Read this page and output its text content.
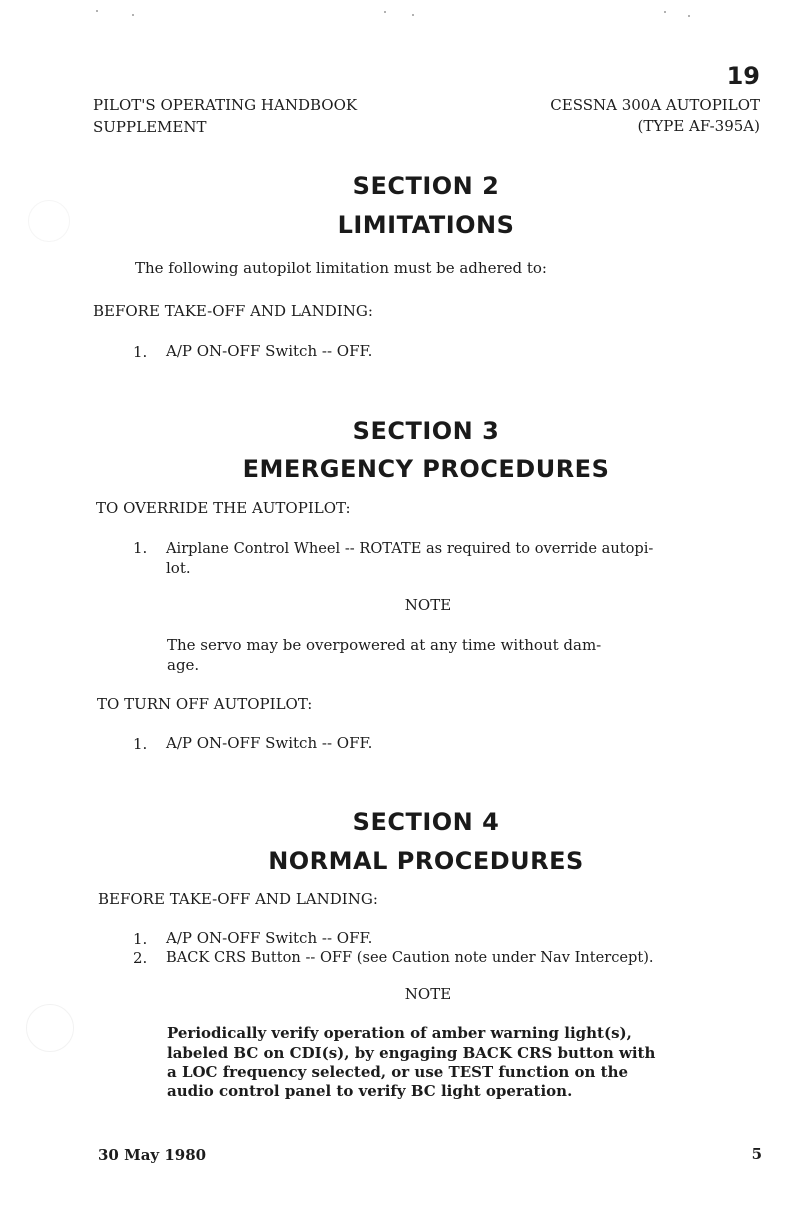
19
PILOT'S OPERATING HANDBOOK
SUPPLEMENT
CESSNA 300A AUTOPILOT
(TYPE AF-395A)
SECTION 2
LIMITATIONS
The following autopilot limitation must be adhered to:
BEFORE TAKE-OFF AND LANDING:
1. A/P ON-OFF Switch -- OFF.
SECTION 3
EMERGENCY PROCEDURES
TO OVERRIDE THE AUTOPILOT:
1. Airplane Control Wheel -- ROTATE as required to override autopi-
lot.
NOTE
The servo may be overpowered at any time without dam-
age.
TO TURN OFF AUTOPILOT:
1. A/P ON-OFF Switch -- OFF.
SECTION 4
NORMAL PROCEDURES
BEFORE TAKE-OFF AND LANDING:
1. A/P ON-OFF Switch -- OFF.
2. BACK CRS Button -- OFF (see Caution note under Nav Intercept).
NOTE
Periodically verify operation of amber warning light(s),
labeled BC on CDI(s), by engaging BACK CRS button with
a LOC frequency selected, or use TEST function on the
audio control panel to verify BC light operation.
30 May 1980	5
